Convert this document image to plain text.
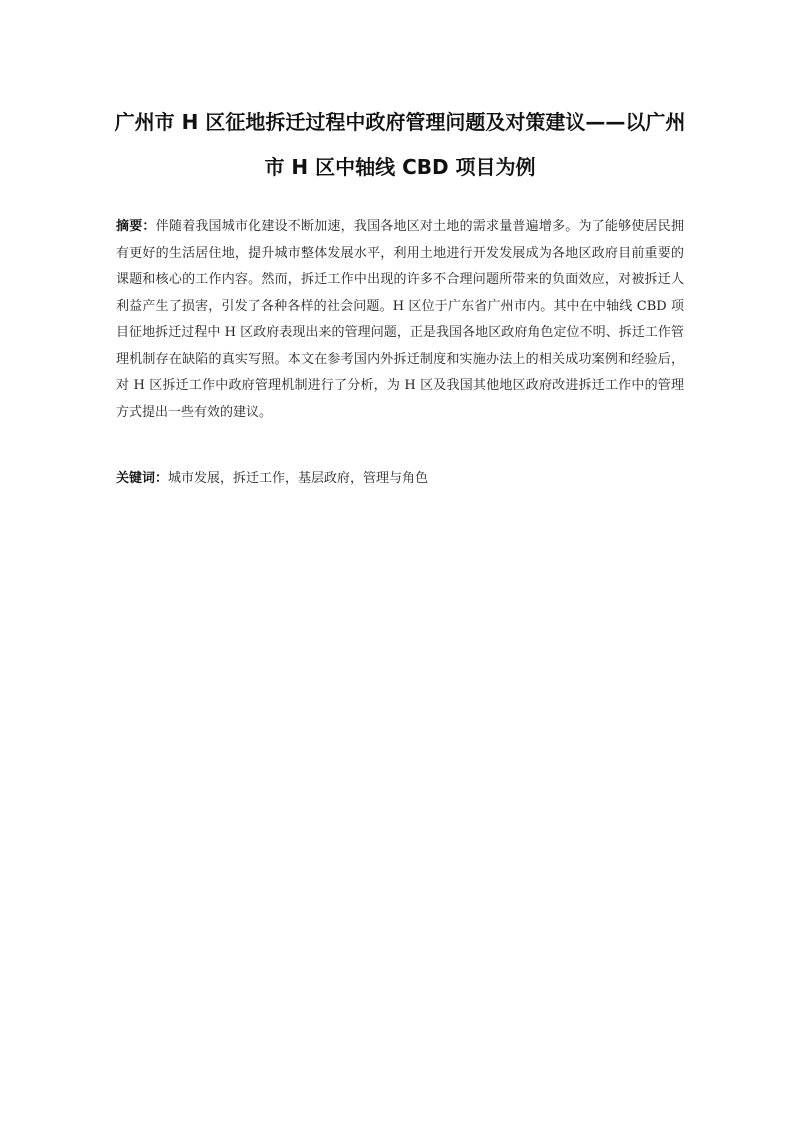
广州市 H 区征地拆迁过程中政府管理问题及对策建议——以广州市 H 区中轴线 CBD 项目为例

摘要：伴随着我国城市化建设不断加速，我国各地区对土地的需求量普遍增多。为了能够使居民拥有更好的生活居住地，提升城市整体发展水平，利用土地进行开发发展成为各地区政府目前重要的课题和核心的工作内容。然而，拆迁工作中出现的许多不合理问题所带来的负面效应，对被拆迁人利益产生了损害，引发了各种各样的社会问题。H 区位于广东省广州市内。其中在中轴线 CBD 项目征地拆迁过程中 H 区政府表现出来的管理问题，正是我国各地区政府角色定位不明、拆迁工作管理机制存在缺陷的真实写照。本文在参考国内外拆迁制度和实施办法上的相关成功案例和经验后，对 H 区拆迁工作中政府管理机制进行了分析，为 H 区及我国其他地区政府改进拆迁工作中的管理方式提出一些有效的建议。

关键词：城市发展，拆迁工作，基层政府，管理与角色
